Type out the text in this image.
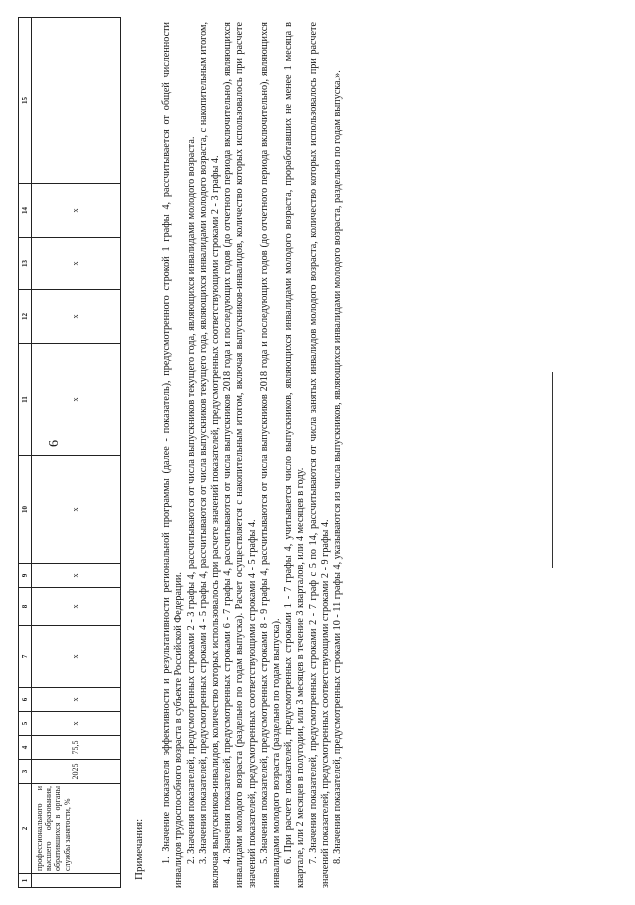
6
1	2	3	4	5	6	7	8	9	10	11	12	13	14	15
	профессионального и высшего образования, обратившихся в органы службы занятости, %	2025	75,5	х	х	х	х	х	х	х	х	х	х	
Примечания: 1. Значение показателя эффективности и результативности региональной программы (далее - показатель), предусмотренного строкой 1 графы 4, рассчитывается от общей численности инвалидов трудоспособного возраста в субъекте Российской Федерации. 2. Значения показателей, предусмотренных строками 2 - 3 графы 4, рассчитываются от числа выпускников текущего года, являющихся инвалидами молодого возраста. 3. Значения показателей, предусмотренных строками 4 - 5 графы 4, рассчитываются от числа выпускников текущего года, являющихся инвалидами молодого возраста, с накопительным итогом, включая выпускников-инвалидов, количество которых использовалось при расчете значений показателей, предусмотренных соответствующими строками 2 - 3 графы 4. 4. Значения показателей, предусмотренных строками 6 - 7 графы 4, рассчитываются от числа выпускников 2018 года и последующих годов (до отчетного периода включительно), являющихся инвалидами молодого возраста (раздельно по годам выпуска). Расчет осуществляется с накопительным итогом, включая выпускников-инвалидов, количество которых использовалось при расчете значений показателей, предусмотренных соответствующими строками 4 - 5 графы 4. 5. Значения показателей, предусмотренных строками 8 - 9 графы 4, рассчитываются от числа выпускников 2018 года и последующих годов (до отчетного периода включительно), являющихся инвалидами молодого возраста (раздельно по годам выпуска). 6. При расчете показателей, предусмотренных строками 1 - 7 графы 4, учитывается число выпускников, являющихся инвалидами молодого возраста, проработавших не менее 1 месяца в квартале, или 2 месяцев в полугодии, или 3 месяцев в течение 3 кварталов, или 4 месяцев в году. 7. Значения показателей, предусмотренных строками 2 - 7 граф с 5 по 14, рассчитываются от числа занятых инвалидов молодого возраста, количество которых использовалось при расчете значений показателей, предусмотренных соответствующими строками 2 - 9 графы 4. 8. Значения показателей, предусмотренных строками 10 - 11 графы 4, указываются из числа выпускников, являющихся инвалидами молодого возраста, раздельно по годам выпуска.».
